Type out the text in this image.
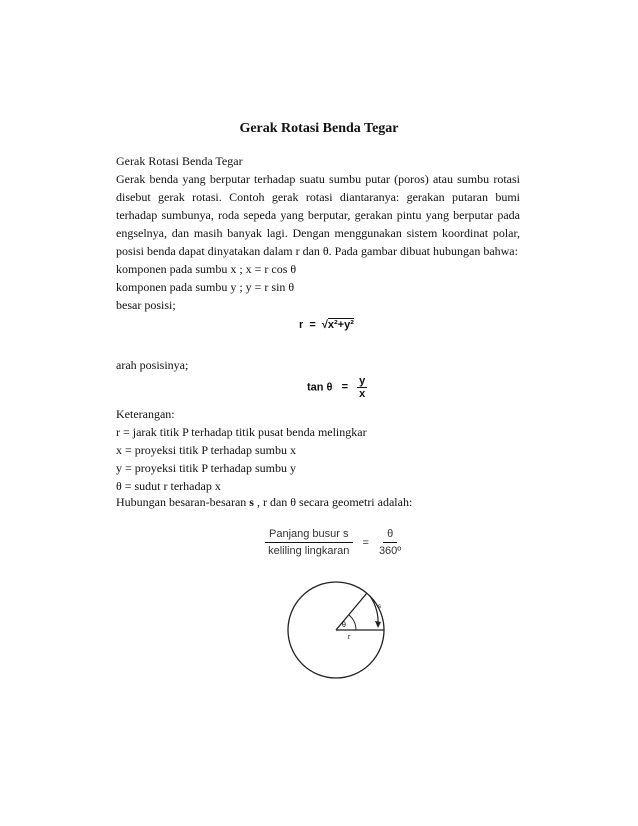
Gerak Rotasi Benda Tegar
Gerak Rotasi Benda Tegar
Gerak benda yang berputar terhadap suatu sumbu putar (poros) atau sumbu rotasi disebut gerak rotasi. Contoh gerak rotasi diantaranya: gerakan putaran bumi terhadap sumbunya, roda sepeda yang berputar, gerakan pintu yang berputar pada engselnya, dan masih banyak lagi. Dengan menggunakan sistem koordinat polar, posisi benda dapat dinyatakan dalam r dan θ. Pada gambar dibuat hubungan bahwa:
komponen pada sumbu x ; x = r cos θ
komponen pada sumbu y ; y = r sin θ
besar posisi;
r = √x²+y²
arah posisinya;
$\tan \theta = \frac{y}{x}$
Keterangan:
r = jarak titik P terhadap titik pusat benda melingkar
x = proyeksi titik P terhadap sumbu x
y = proyeksi titik P terhadap sumbu y
θ = sudut r terhadap x
Hubungan besaran-besaran s , r dan θ secara geometri adalah:
$\frac{\text{Panjang busur s}}{\text{keliling lingkaran}} = \frac{\theta}{\text{360º}}$
θ
r
s
